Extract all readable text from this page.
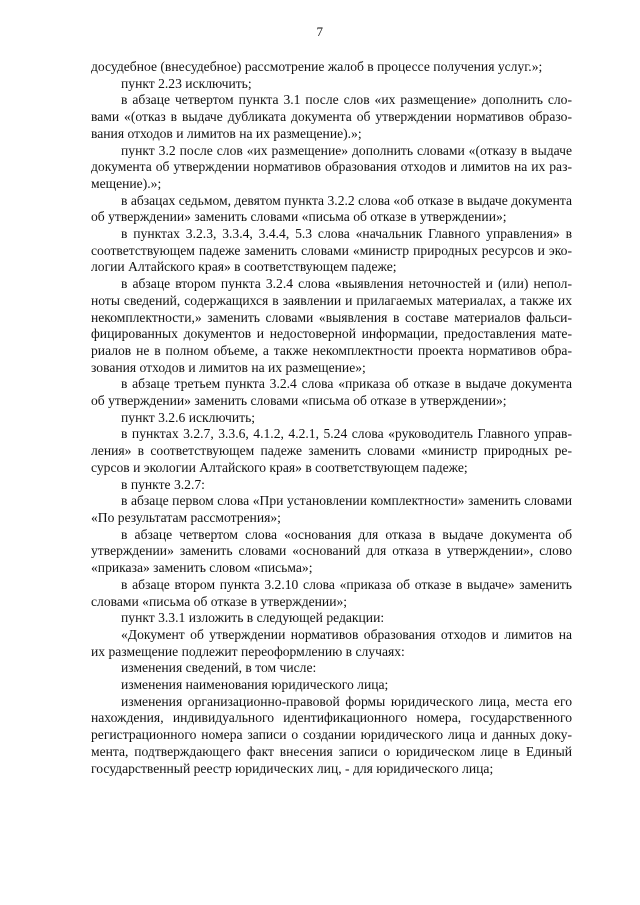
7

досудебное (внесудебное) рассмотрение жалоб в процессе получения услуг.»;

пункт 2.23 исключить;

в абзаце четвертом пункта 3.1 после слов «их размещение» дополнить словами «(отказ в выдаче дубликата документа об утверждении нормативов образования отходов и лимитов на их размещение).»;

пункт 3.2 после слов «их размещение» дополнить словами «(отказу в выдаче документа об утверждении нормативов образования отходов и лимитов на их размещение).»;

в абзацах седьмом, девятом пункта 3.2.2 слова «об отказе в выдаче документа об утверждении» заменить словами «письма об отказе в утверждении»;

в пунктах 3.2.3, 3.3.4, 3.4.4, 5.3 слова «начальник Главного управления» в соответствующем падеже заменить словами «министр природных ресурсов и экологии Алтайского края» в соответствующем падеже;

в абзаце втором пункта 3.2.4 слова «выявления неточностей и (или) неполноты сведений, содержащихся в заявлении и прилагаемых материалах, а также их некомплектности,» заменить словами «выявления в составе материалов фальсифицированных документов и недостоверной информации, предоставления материалов не в полном объеме, а также некомплектности проекта нормативов образования отходов и лимитов на их размещение»;

в абзаце третьем пункта 3.2.4 слова «приказа об отказе в выдаче документа об утверждении» заменить словами «письма об отказе в утверждении»;

пункт 3.2.6 исключить;

в пунктах 3.2.7, 3.3.6, 4.1.2, 4.2.1, 5.24 слова «руководитель Главного управления» в соответствующем падеже заменить словами «министр природных ресурсов и экологии Алтайского края» в соответствующем падеже;

в пункте 3.2.7:

в абзаце первом слова «При установлении комплектности» заменить словами «По результатам рассмотрения»;

в абзаце четвертом слова «основания для отказа в выдаче документа об утверждении» заменить словами «оснований для отказа в утверждении», слово «приказа» заменить словом «письма»;

в абзаце втором пункта 3.2.10 слова «приказа об отказе в выдаче» заменить словами «письма об отказе в утверждении»;

пункт 3.3.1 изложить в следующей редакции:

«Документ об утверждении нормативов образования отходов и лимитов на их размещение подлежит переоформлению в случаях:

изменения сведений, в том числе:

изменения наименования юридического лица;

изменения организационно-правовой формы юридического лица, места его нахождения, индивидуального идентификационного номера, государственного регистрационного номера записи о создании юридического лица и данных документа, подтверждающего факт внесения записи о юридическом лице в Единый государственный реестр юридических лиц, - для юридического лица;
